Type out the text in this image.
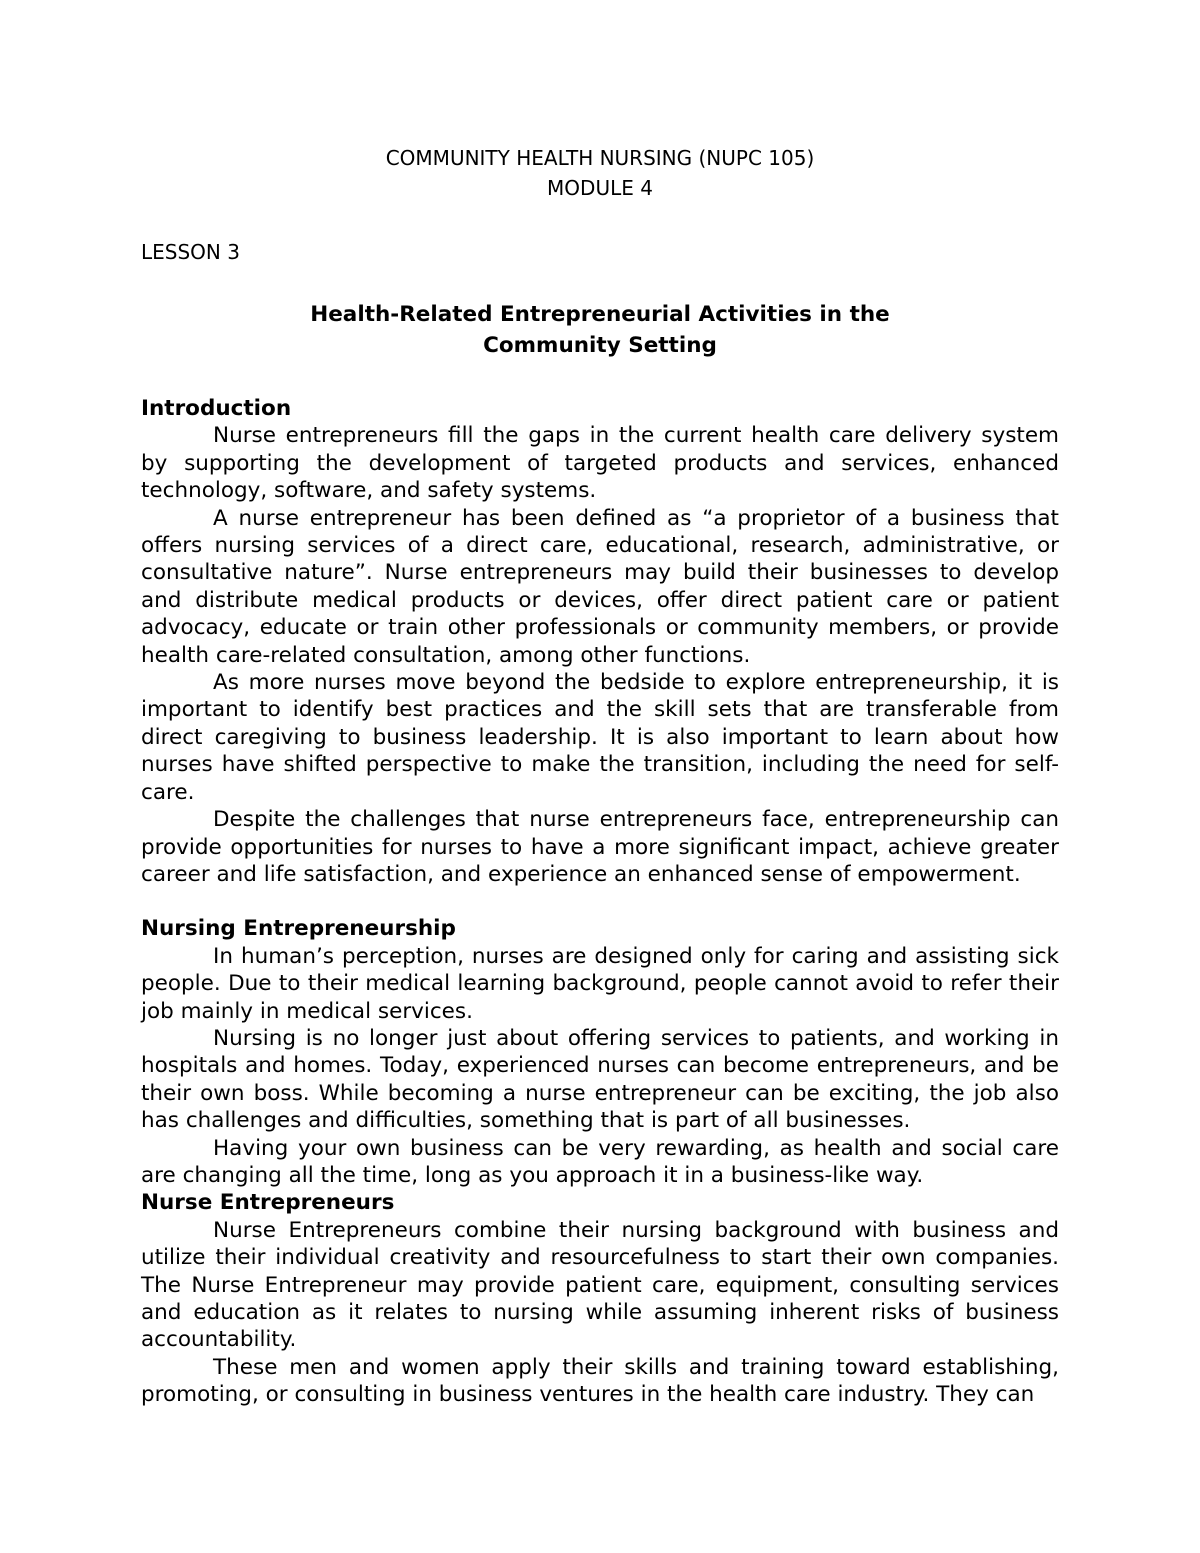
COMMUNITY HEALTH NURSING (NUPC 105)
MODULE 4
LESSON 3
Health-Related Entrepreneurial Activities in the
Community Setting
Introduction

Nurse entrepreneurs fill the gaps in the current health care delivery system by supporting the development of targeted products and services, enhanced technology, software, and safety systems.

A nurse entrepreneur has been defined as “a proprietor of a business that offers nursing services of a direct care, educational, research, administrative, or consultative nature”. Nurse entrepreneurs may build their businesses to develop and distribute medical products or devices, offer direct patient care or patient advocacy, educate or train other professionals or community members, or provide health care-related consultation, among other functions.

As more nurses move beyond the bedside to explore entrepreneurship, it is important to identify best practices and the skill sets that are transferable from direct caregiving to business leadership. It is also important to learn about how nurses have shifted perspective to make the transition, including the need for self-care.

Despite the challenges that nurse entrepreneurs face, entrepreneurship can provide opportunities for nurses to have a more significant impact, achieve greater career and life satisfaction, and experience an enhanced sense of empowerment.

Nursing Entrepreneurship

In human’s perception, nurses are designed only for caring and assisting sick people. Due to their medical learning background, people cannot avoid to refer their job mainly in medical services.

Nursing is no longer just about offering services to patients, and working in hospitals and homes. Today, experienced nurses can become entrepreneurs, and be their own boss. While becoming a nurse entrepreneur can be exciting, the job also has challenges and difficulties, something that is part of all businesses.

Having your own business can be very rewarding, as health and social care are changing all the time, long as you approach it in a business-like way.

Nurse Entrepreneurs

Nurse Entrepreneurs combine their nursing background with business and utilize their individual creativity and resourcefulness to start their own companies. The Nurse Entrepreneur may provide patient care, equipment, consulting services and education as it relates to nursing while assuming inherent risks of business accountability.

These men and women apply their skills and training toward establishing, promoting, or consulting in business ventures in the health care industry. They can
